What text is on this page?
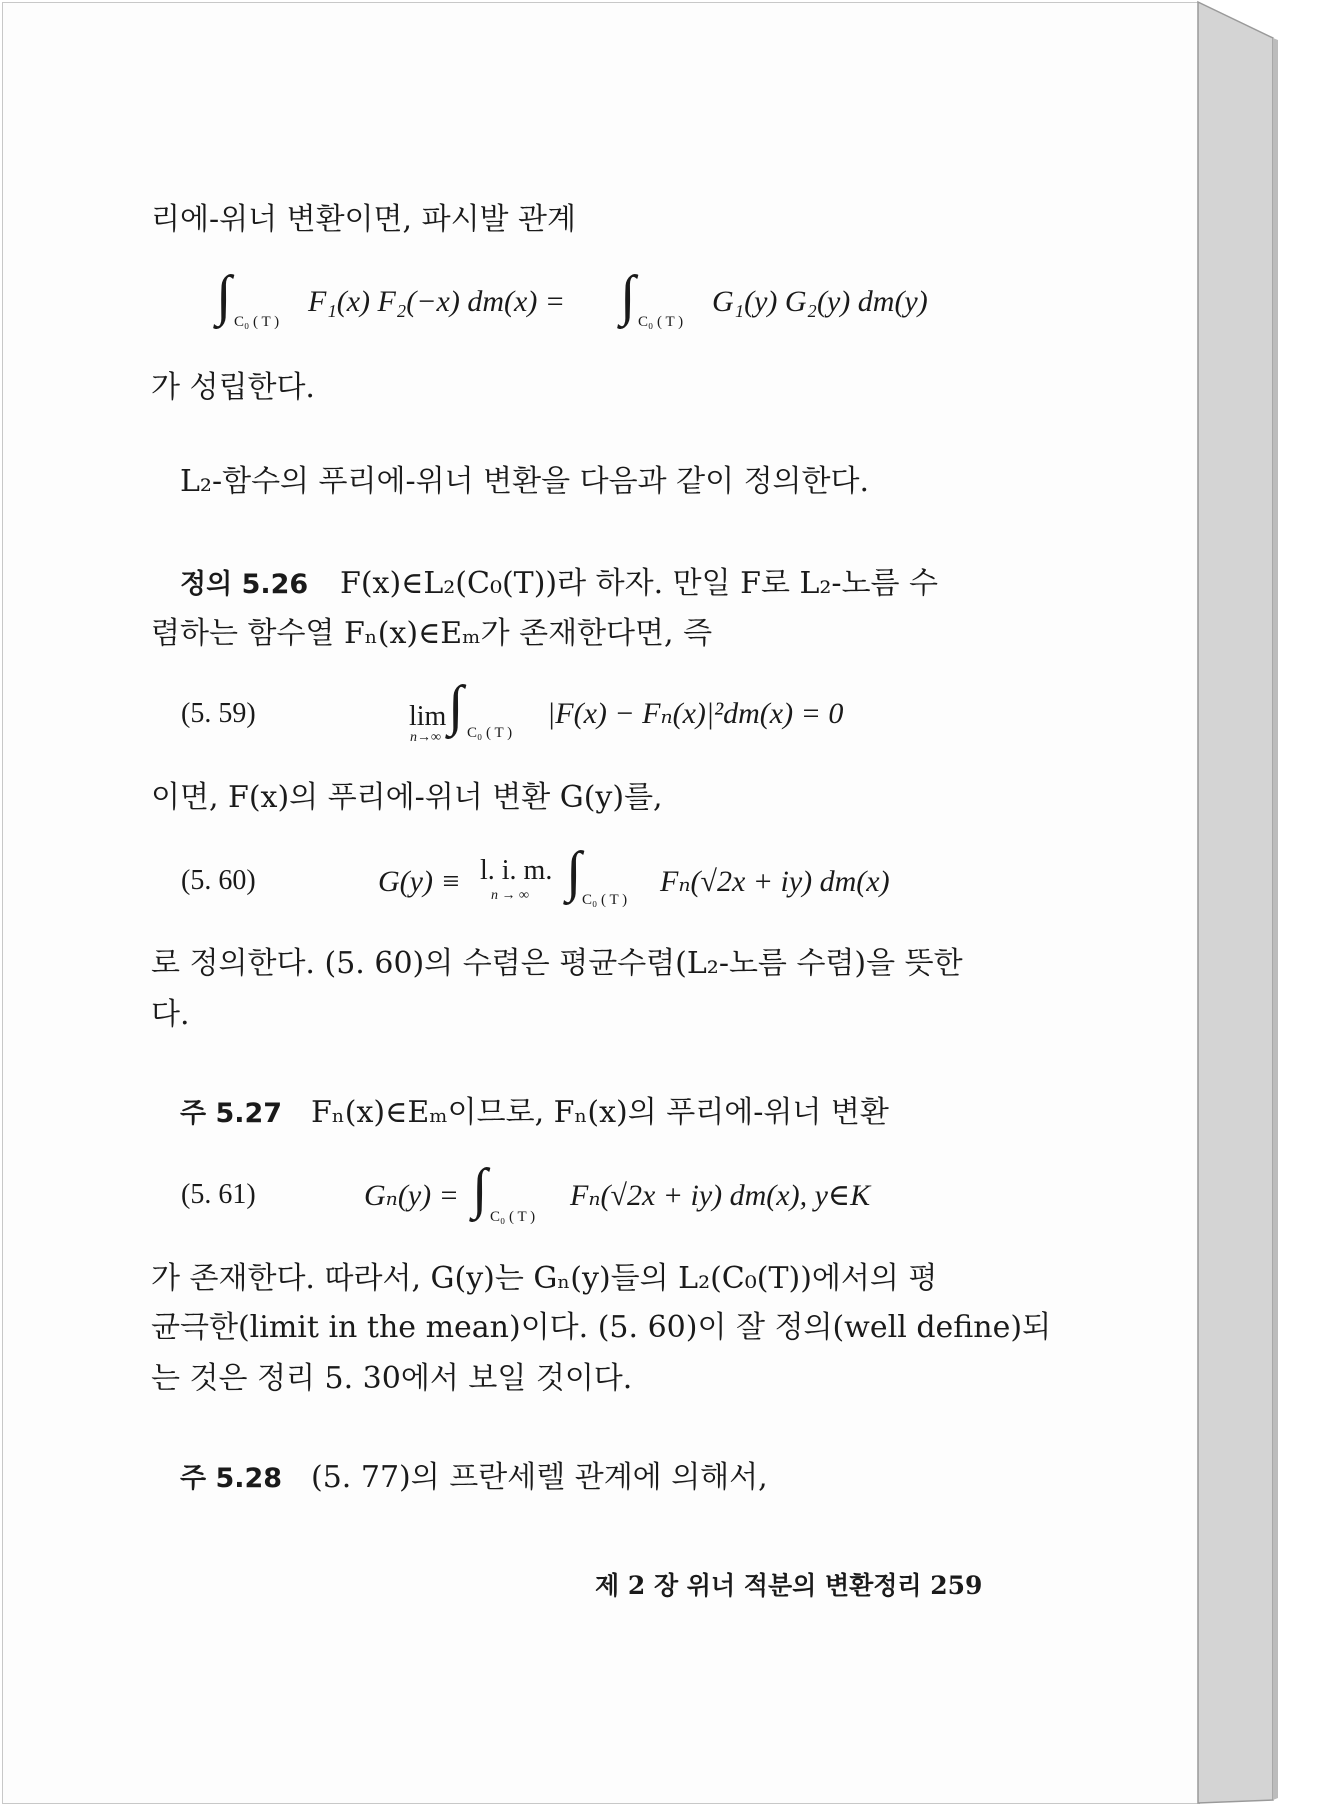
리에-위너 변환이면, 파시발 관계
∫ C₀ ( T )
F₁(x) F₂(−x) dm(x) = ∫ C₀ ( T )
G₁(y) G₂(y) dm(y)
가 성립한다.
L₂-함수의 푸리에-위너 변환을 다음과 같이 정의한다.
정의 5.26 F(x)∈L₂(C₀(T))라 하자. 만일 F로 L₂-노름 수
렴하는 함수열 Fₙ(x)∈Eₘ가 존재한다면, 즉
(5. 59)	lim
n→∞
∫ C₀ ( T )
|F(x) − Fₙ(x)|²dm(x) = 0
이면, F(x)의 푸리에-위너 변환 G(y)를,
(5. 60)	G(y) ≡ l. i. m.
n → ∞ ∫ C₀ ( T )
Fₙ(√2x + iy) dm(x)
로 정의한다. (5. 60)의 수렴은 평균수렴(L₂-노름 수렴)을 뜻한
다.
주 5.27 Fₙ(x)∈Eₘ이므로, Fₙ(x)의 푸리에-위너 변환
(5. 61)	Gₙ(y) = ∫ C₀ ( T )
Fₙ(√2x + iy) dm(x), y∈K
가 존재한다. 따라서, G(y)는 Gₙ(y)들의 L₂(C₀(T))에서의 평
균극한(limit in the mean)이다. (5. 60)이 잘 정의(well define)되
는 것은 정리 5. 30에서 보일 것이다.
주 5.28 (5. 77)의 프란세렐 관계에 의해서,
제 2 장 위너 적분의 변환정리 259
